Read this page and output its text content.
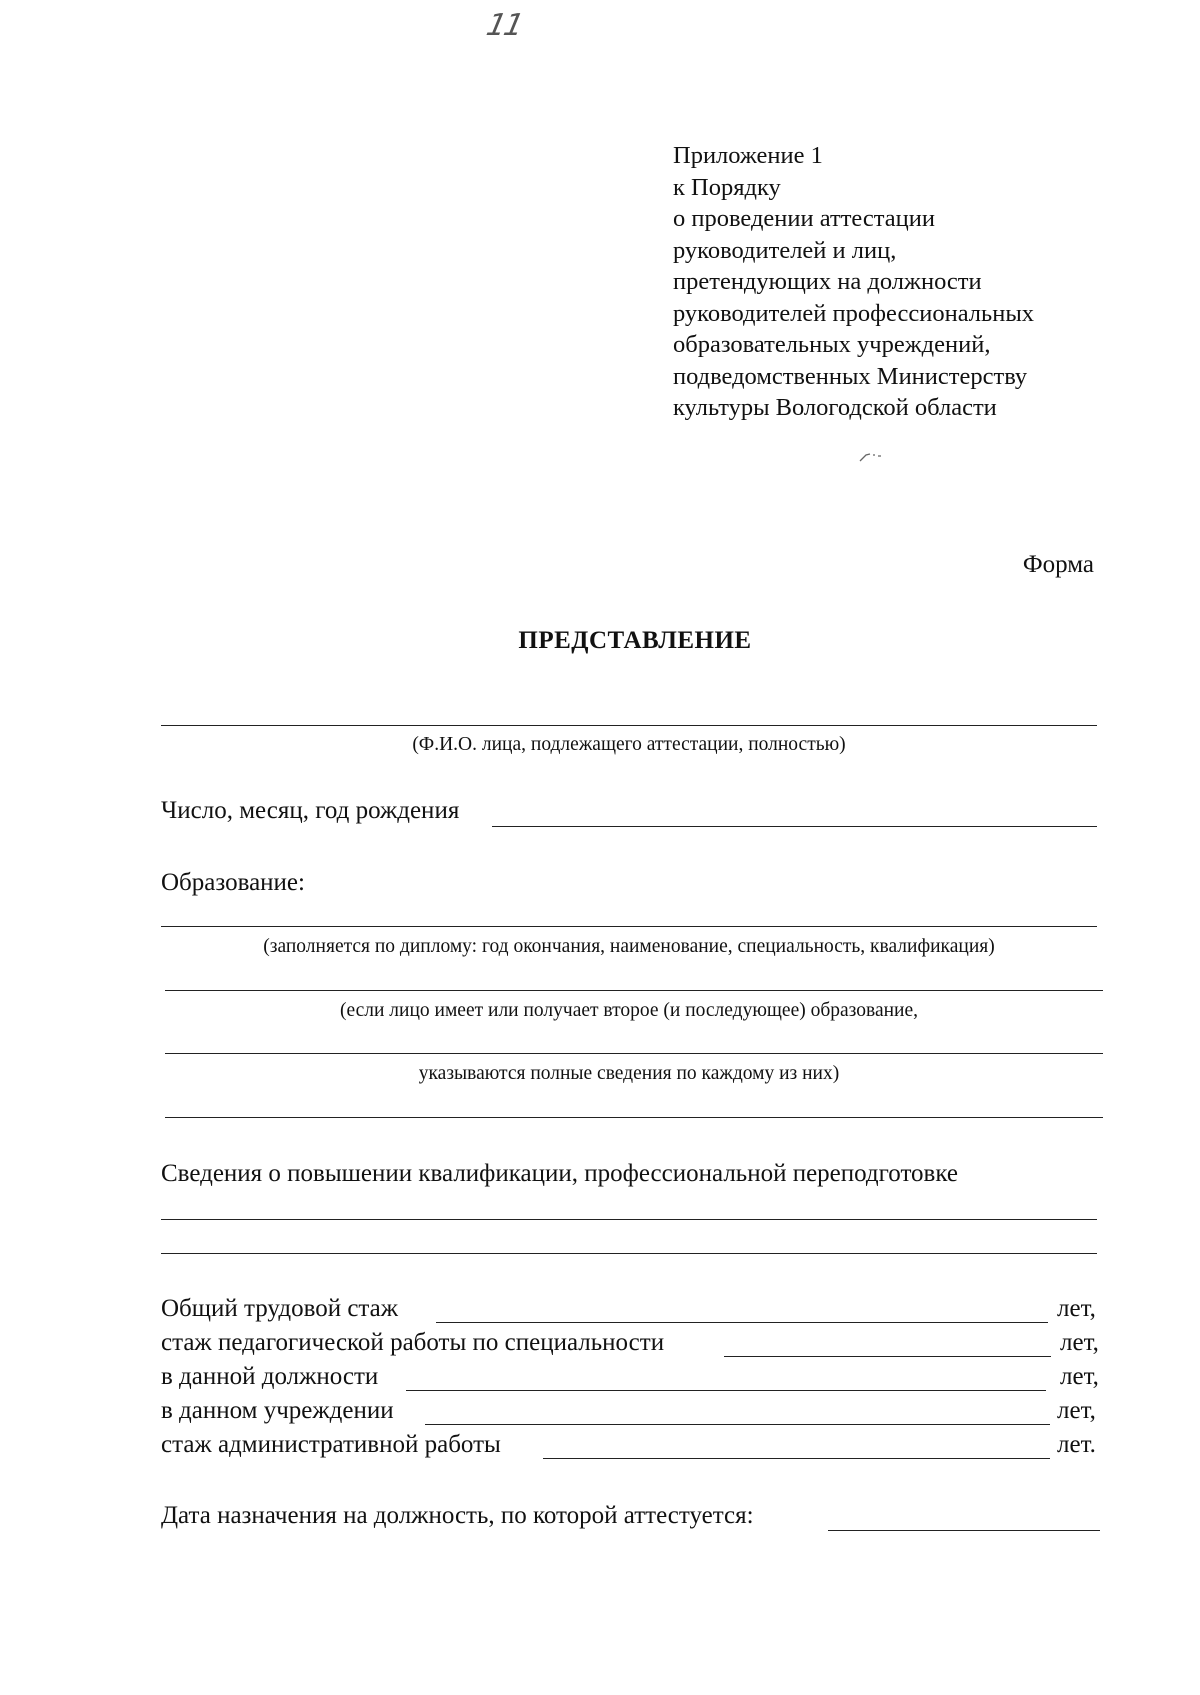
11
Приложение 1
к Порядку
о проведении аттестации
руководителей и лиц,
претендующих на должности
руководителей профессиональных
образовательных учреждений,
подведомственных Министерству
культуры Вологодской области
Форма
ПРЕДСТАВЛЕНИЕ
(Ф.И.О. лица, подлежащего аттестации, полностью)
Число, месяц, год рождения
Образование:
(заполняется по диплому: год окончания, наименование, специальность, квалификация)
(если лицо имеет или получает второе (и последующее) образование,
указываются полные сведения по каждому из них)
Сведения о повышении квалификации, профессиональной переподготовке
Общий трудовой стаж	лет,
стаж педагогической работы по специальности	лет,
в данной должности	лет,
в данном учреждении	лет,
стаж административной работы	лет.
Дата назначения на должность, по которой аттестуется:
